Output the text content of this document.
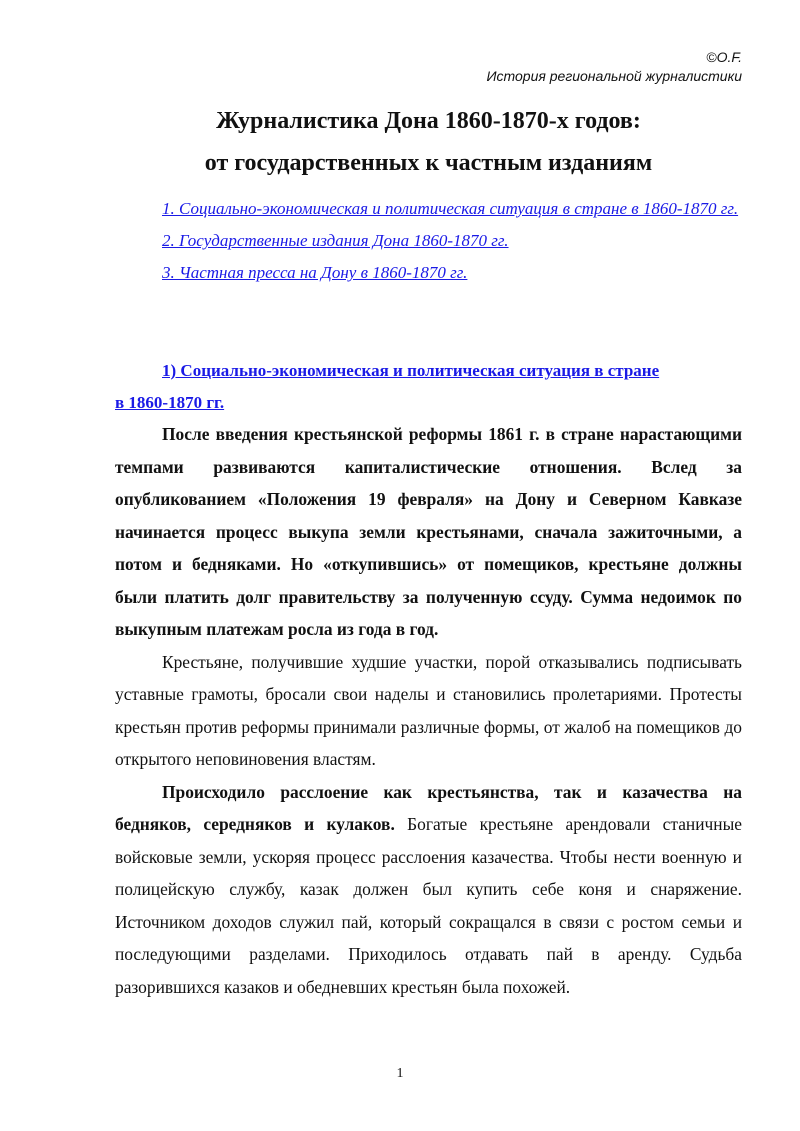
©O.F.
История региональной журналистики
Журналистика Дона 1860-1870-х годов:
от государственных к частным изданиям
1. Социально-экономическая и политическая ситуация в стране в 1860-1870 гг.
2. Государственные издания Дона 1860-1870 гг.
3. Частная пресса на Дону в 1860-1870 гг.
1) Социально-экономическая и политическая ситуация в стране
в 1860-1870 гг.

После введения крестьянской реформы 1861 г. в стране нарастающими темпами развиваются капиталистические отношения. Вслед за опубликованием «Положения 19 февраля» на Дону и Северном Кавказе начинается процесс выкупа земли крестьянами, сначала зажиточными, а потом и бедняками. Но «откупившись» от помещиков, крестьяне должны были платить долг правительству за полученную ссуду. Сумма недоимок по выкупным платежам росла из года в год.

Крестьяне, получившие худшие участки, порой отказывались подписывать уставные грамоты, бросали свои наделы и становились пролетариями. Протесты крестьян против реформы принимали различные формы, от жалоб на помещиков до открытого неповиновения властям.

Происходило расслоение как крестьянства, так и казачества на бедняков, середняков и кулаков. Богатые крестьяне арендовали станичные войсковые земли, ускоряя процесс расслоения казачества. Чтобы нести военную и полицейскую службу, казак должен был купить себе коня и снаряжение. Источником доходов служил пай, который сокращался в связи с ростом семьи и последующими разделами. Приходилось отдавать пай в аренду. Судьба разорившихся казаков и обедневших крестьян была похожей.

1
